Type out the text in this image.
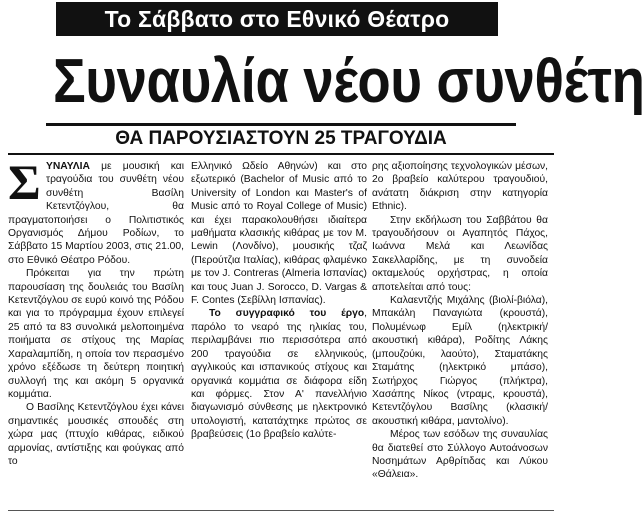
Το Σάββατο στο Εθνικό Θέατρο
Συναυλία νέου συνθέτη
ΘΑ ΠΑΡΟΥΣΙΑΣΤΟΥΝ 25 ΤΡΑΓΟΥΔΙΑ

ΣΥΝΑΥΛΙΑ με μουσική και τραγούδια του συνθέτη νέου συνθέτη Βασίλη Κετεντζόγλου, θα πραγματοποιήσει ο Πολιτιστικός Οργανισμός Δήμου Ροδίων, το Σάββατο 15 Μαρτίου 2003, στις 21.00, στο Εθνικό Θέατρο Ρόδου.

Πρόκειται για την πρώτη παρουσίαση της δουλειάς του Βασίλη Κετεντζόγλου σε ευρύ κοινό της Ρόδου και για το πρόγραμμα έχουν επιλεγεί 25 από τα 83 συνολικά μελοποιημένα ποιήματα σε στίχους της Μαρίας Χαραλαμπίδη, η οποία τον περασμένο χρόνο εξέδωσε τη δεύτερη ποιητική συλλογή της και ακόμη 5 οργανικά κομμάτια.

Ο Βασίλης Κετεντζόγλου έχει κάνει σημαντικές μουσικές σπουδές στη χώρα μας (πτυχίο κιθάρας, ειδικού αρμονίας, αντίστιξης και φούγκας από το

Ελληνικό Ωδείο Αθηνών) και στο εξωτερικό (Bachelor of Music από το University of London και Master's of Music από το Royal College of Music) και έχει παρακολουθήσει ιδιαίτερα μαθήματα κλασικής κιθάρας με τον M. Lewin (Λονδίνο), μουσικής τζαζ (Περούτζια Ιταλίας), κιθάρας φλαμένκο με τον J. Contreras (Almeria Ισπανίας) και τους Juan J. Sorocco, D. Vargas & F. Contes (Σεβίλλη Ισπανίας).

Το συγγραφικό του έργο, παρόλο το νεαρό της ηλικίας του, περιλαμβάνει πιο περισσότερα από 200 τραγούδια σε ελληνικούς, αγγλικούς και ισπανικούς στίχους και οργανικά κομμάτια σε διάφορα είδη και φόρμες. Στον Α' πανελλήνιο διαγωνισμό σύνθεσης με ηλεκτρονικό υπολογιστή, κατατάχτηκε πρώτος σε βραβεύσεις (1ο βραβείο καλύτε-

ρης αξιοποίησης τεχνολογικών μέσων, 2ο βραβείο καλύτερου τραγουδιού, ανάτατη διάκριση στην κατηγορία Ethnic).

Στην εκδήλωση του Σαββάτου θα τραγουδήσουν οι Αγαπητός Πάχος, Ιωάννα Μελά και Λεωνίδας Σακελλαρίδης, με τη συνοδεία οκταμελούς ορχήστρας, η οποία αποτελείται από τους:

Καλαεντζής Μιχάλης (βιολί-βιόλα), Μπακάλη Παναγιώτα (κρουστά), Πολυμένωφ Εμίλ (ηλεκτρική/ ακουστική κιθάρα), Ροδίτης Λάκης (μπουζούκι, λαούτο), Σταματάκης Σταμάτης (ηλεκτρικό μπάσο), Σωτήρχος Γιώργος (πλήκτρα), Χασάπης Νίκος (ντραμς, κρουστά), Κετεντζόγλου Βασίλης (κλασική/ ακουστική κιθάρα, μαντολίνο).

Μέρος των εσόδων της συναυλίας θα διατεθεί στο Σύλλογο Αυτοάνοσων Νοσημάτων Αρθρίτιδας και Λύκου «Θάλεια».
